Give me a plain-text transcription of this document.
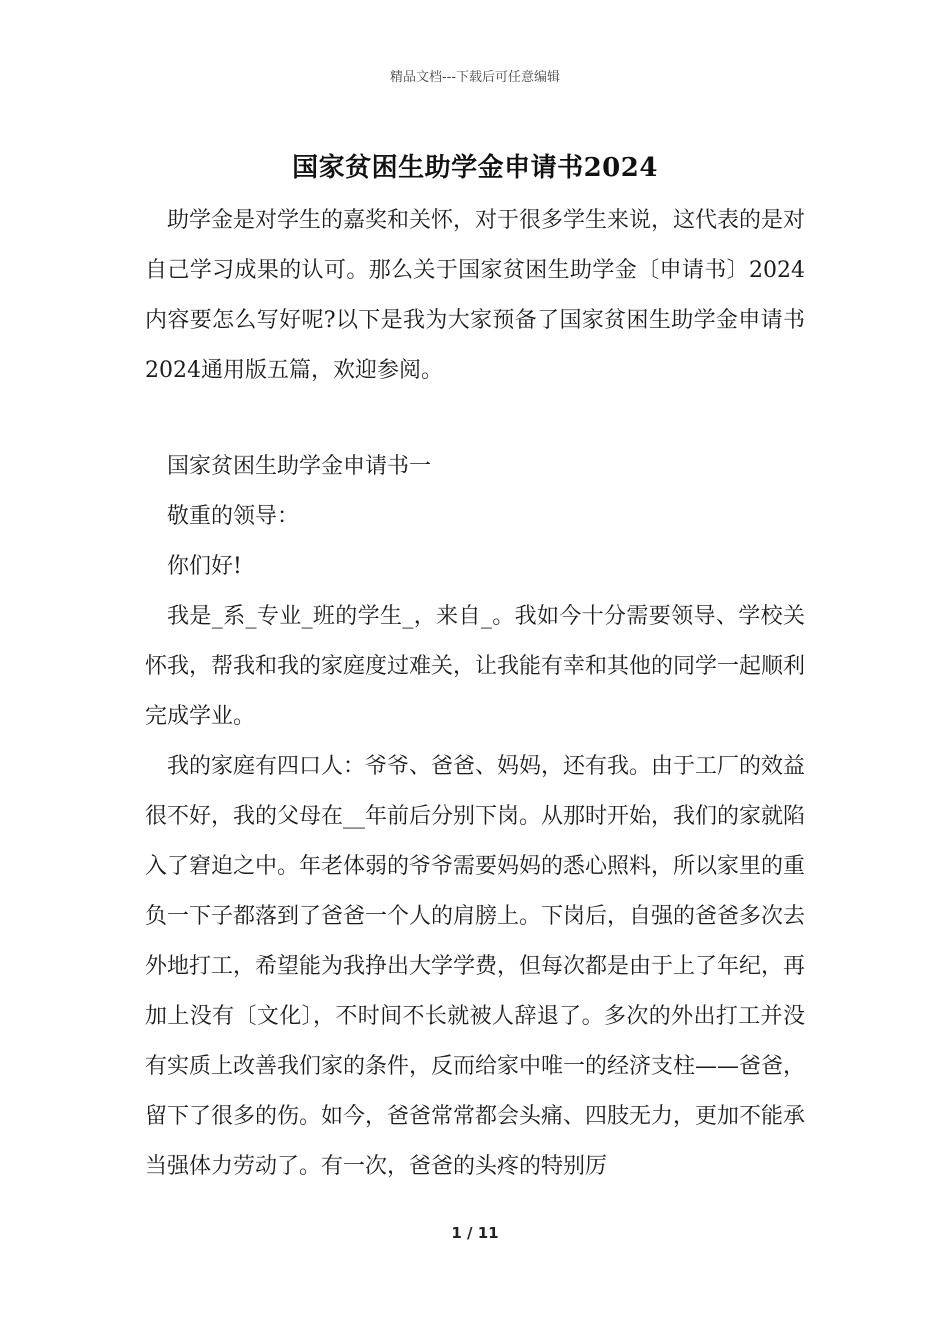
精品文档---下载后可任意编辑
国家贫困生助学金申请书2024

助学金是对学生的嘉奖和关怀，对于很多学生来说，这代表的是对自己学习成果的认可。那么关于国家贫困生助学金〔申请书〕2024内容要怎么写好呢?以下是我为大家预备了国家贫困生助学金申请书2024通用版五篇，欢迎参阅。

国家贫困生助学金申请书一

敬重的领导：

你们好!

我是_系_专业_班的学生_，来自_。我如今十分需要领导、学校关怀我，帮我和我的家庭度过难关，让我能有幸和其他的同学一起顺利完成学业。

我的家庭有四口人：爷爷、爸爸、妈妈，还有我。由于工厂的效益很不好，我的父母在__年前后分别下岗。从那时开始，我们的家就陷入了窘迫之中。年老体弱的爷爷需要妈妈的悉心照料，所以家里的重负一下子都落到了爸爸一个人的肩膀上。下岗后，自强的爸爸多次去外地打工，希望能为我挣出大学学费，但每次都是由于上了年纪，再加上没有〔文化〕，不时间不长就被人辞退了。多次的外出打工并没有实质上改善我们家的条件，反而给家中唯一的经济支柱——爸爸，留下了很多的伤。如今，爸爸常常都会头痛、四肢无力，更加不能承当强体力劳动了。有一次，爸爸的头疼的特别厉

1 / 11
